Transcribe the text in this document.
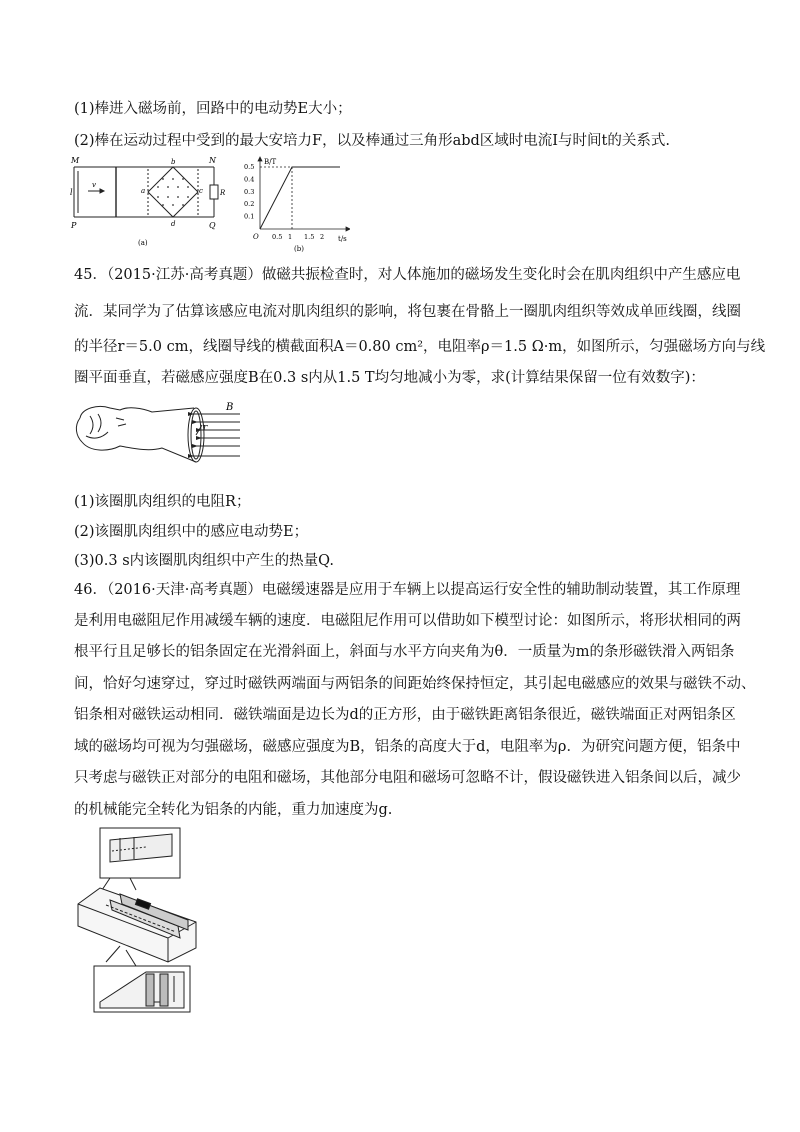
(1)棒进入磁场前，回路中的电动势E大小；
(2)棒在运动过程中受到的最大安培力F，以及棒通过三角形abd区域时电流I与时间t的关系式.
M	N
P	Q
l
v
a
b
c
d
R
(a)
B/T
t/s
O
0.5
0.4
0.3
0.2
0.1
0.5 1 1.5 2
(b)
45．（2015·江苏·高考真题）做磁共振检查时，对人体施加的磁场发生变化时会在肌肉组织中产生感应电
流．某同学为了估算该感应电流对肌肉组织的影响，将包裹在骨骼上一圈肌肉组织等效成单匝线圈，线圈
的半径r＝5.0 cm，线圈导线的横截面积A＝0.80 cm²，电阻率ρ＝1.5 Ω·m，如图所示，匀强磁场方向与线
圈平面垂直，若磁感应强度B在0.3 s内从1.5 T均匀地减小为零，求(计算结果保留一位有效数字)：
B
r
(1)该圈肌肉组织的电阻R；
(2)该圈肌肉组织中的感应电动势E；
(3)0.3 s内该圈肌肉组织中产生的热量Q.
46．（2016·天津·高考真题）电磁缓速器是应用于车辆上以提高运行安全性的辅助制动装置，其工作原理
是利用电磁阻尼作用减缓车辆的速度．电磁阻尼作用可以借助如下模型讨论：如图所示，将形状相同的两
根平行且足够长的铝条固定在光滑斜面上，斜面与水平方向夹角为θ．一质量为m的条形磁铁滑入两铝条
间，恰好匀速穿过，穿过时磁铁两端面与两铝条的间距始终保持恒定，其引起电磁感应的效果与磁铁不动、
铝条相对磁铁运动相同．磁铁端面是边长为d的正方形，由于磁铁距离铝条很近，磁铁端面正对两铝条区
域的磁场均可视为匀强磁场，磁感应强度为B，铝条的高度大于d，电阻率为ρ．为研究问题方便，铝条中
只考虑与磁铁正对部分的电阻和磁场，其他部分电阻和磁场可忽略不计，假设磁铁进入铝条间以后，减少
的机械能完全转化为铝条的内能，重力加速度为g.
